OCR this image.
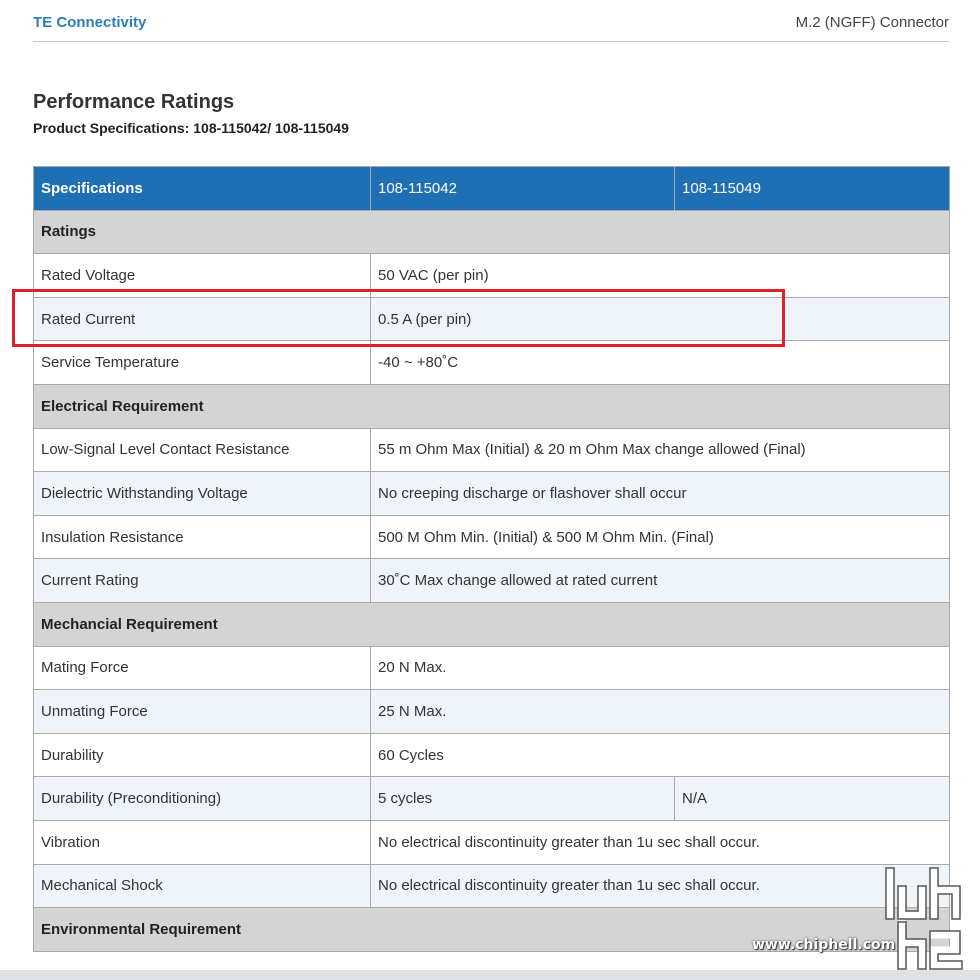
TE Connectivity	M.2 (NGFF) Connector
Performance Ratings
Product Specifications: 108-115042/ 108-115049
Specifications	108-115042	108-115049
Ratings		
Rated Voltage	50 VAC (per pin)	
Rated Current	0.5 A (per pin)	
Service Temperature	-40 ~ +80˚C	
Electrical Requirement		
Low-Signal Level Contact Resistance	55 m Ohm Max (Initial) & 20 m Ohm Max change allowed (Final)	
Dielectric Withstanding Voltage	No creeping discharge or flashover shall occur	
Insulation Resistance	500 M Ohm Min. (Initial) & 500 M Ohm Min. (Final)	
Current Rating	30˚C Max change allowed at rated current	
Mechancial Requirement		
Mating Force	20 N Max.	
Unmating Force	25 N Max.	
Durability	60 Cycles	
Durability (Preconditioning)	5 cycles	N/A
Vibration	No electrical discontinuity greater than 1u sec shall occur.	
Mechanical Shock	No electrical discontinuity greater than 1u sec shall occur.	
Environmental Requirement		
www.chiphell.com
